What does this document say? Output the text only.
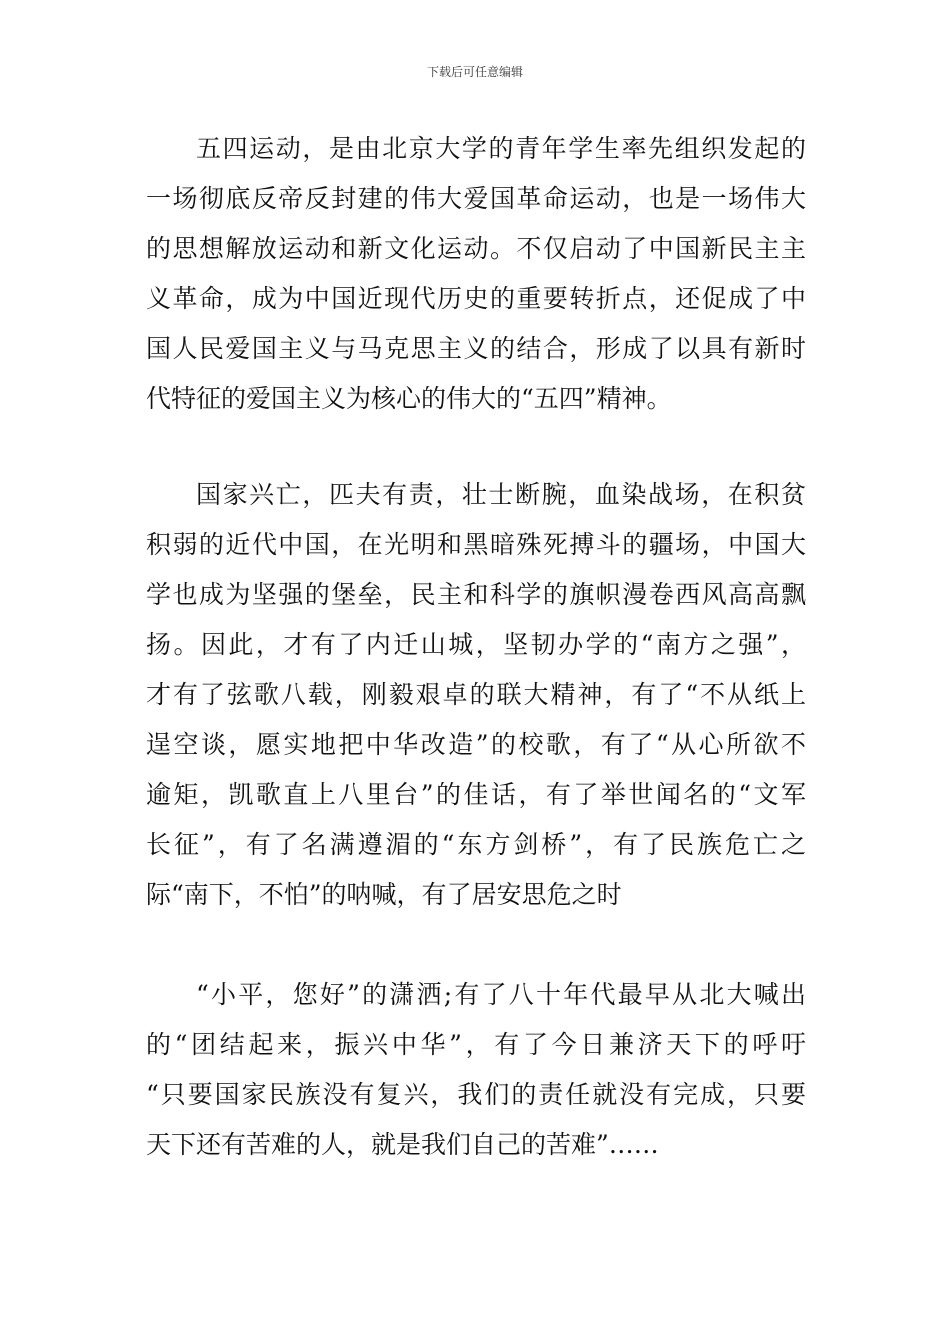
下载后可任意编辑
五四运动，是由北京大学的青年学生率先组织发起的
一场彻底反帝反封建的伟大爱国革命运动，也是一场伟大
的思想解放运动和新文化运动。不仅启动了中国新民主主
义革命，成为中国近现代历史的重要转折点，还促成了中
国人民爱国主义与马克思主义的结合，形成了以具有新时
代特征的爱国主义为核心的伟大的“五四”精神。
国家兴亡，匹夫有责，壮士断腕，血染战场，在积贫
积弱的近代中国，在光明和黑暗殊死搏斗的疆场，中国大
学也成为坚强的堡垒，民主和科学的旗帜漫卷西风高高飘
扬。因此，才有了内迁山城，坚韧办学的“南方之强”，
才有了弦歌八载，刚毅艰卓的联大精神，有了“不从纸上
逞空谈，愿实地把中华改造”的校歌，有了“从心所欲不
逾矩，凯歌直上八里台”的佳话，有了举世闻名的“文军
长征”，有了名满遵湄的“东方剑桥”，有了民族危亡之
际“南下，不怕”的呐喊，有了居安思危之时
“小平，您好”的潇洒;有了八十年代最早从北大喊出
的“团结起来，振兴中华”，有了今日兼济天下的呼吁
“只要国家民族没有复兴，我们的责任就没有完成，只要
天下还有苦难的人，就是我们自己的苦难”……
